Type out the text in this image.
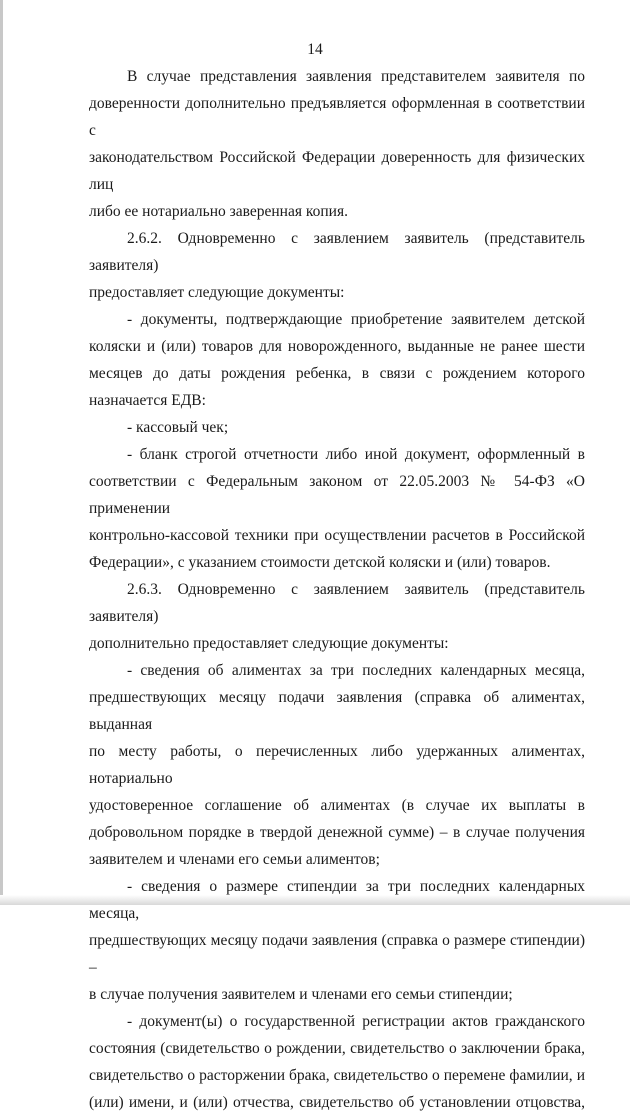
14
В случае представления заявления представителем заявителя по
доверенности дополнительно предъявляется оформленная в соответствии с
законодательством Российской Федерации доверенность для физических лиц
либо ее нотариально заверенная копия.
2.6.2. Одновременно с заявлением заявитель (представитель заявителя)
предоставляет следующие документы:
- документы, подтверждающие приобретение заявителем детской
коляски и (или) товаров для новорожденного, выданные не ранее шести
месяцев до даты рождения ребенка, в связи с рождением которого
назначается ЕДВ:
- кассовый чек;
- бланк строгой отчетности либо иной документ, оформленный в
соответствии с Федеральным законом от 22.05.2003 № 54-ФЗ «О применении
контрольно-кассовой техники при осуществлении расчетов в Российской
Федерации», с указанием стоимости детской коляски и (или) товаров.
2.6.3. Одновременно с заявлением заявитель (представитель заявителя)
дополнительно предоставляет следующие документы:
- сведения об алиментах за три последних календарных месяца,
предшествующих месяцу подачи заявления (справка об алиментах, выданная
по месту работы, о перечисленных либо удержанных алиментах, нотариально
удостоверенное соглашение об алиментах (в случае их выплаты в
добровольном порядке в твердой денежной сумме) – в случае получения
заявителем и членами его семьи алиментов;
- сведения о размере стипендии за три последних календарных месяца,
предшествующих месяцу подачи заявления (справка о размере стипендии) –
в случае получения заявителем и членами его семьи стипендии;
- документ(ы) о государственной регистрации актов гражданского
состояния (свидетельство о рождении, свидетельство о заключении брака,
свидетельство о расторжении брака, свидетельство о перемене фамилии, и
(или) имени, и (или) отчества, свидетельство об установлении отцовства,
